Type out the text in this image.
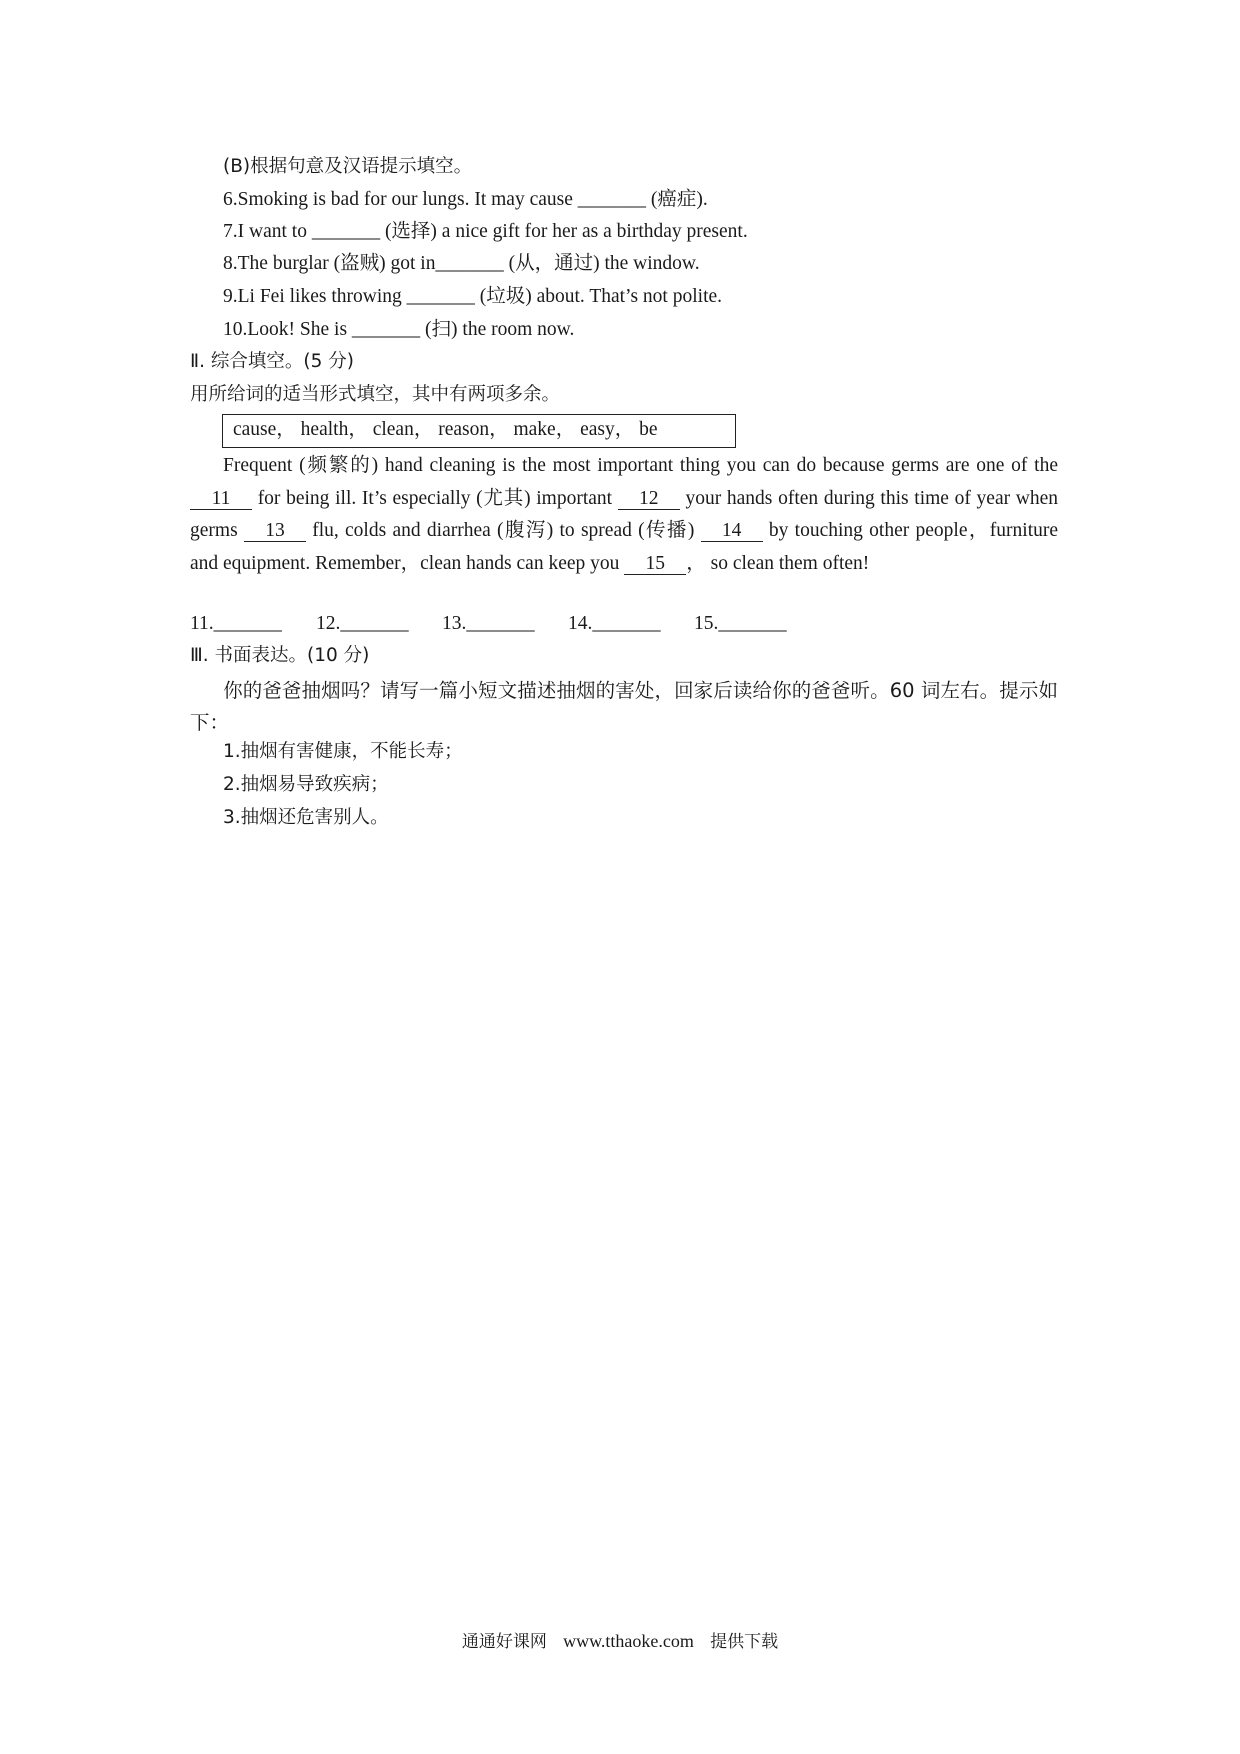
(B)根据句意及汉语提示填空。
6.Smoking is bad for our lungs. It may cause _______ (癌症).
7.I want to _______ (选择) a nice gift for her as a birthday present.
8.The burglar (盗贼) got in_______ (从，通过) the window.
9.Li Fei likes throwing _______ (垃圾) about. That’s not polite.
10.Look! She is _______ (扫) the room now.
Ⅱ. 综合填空。(5 分)
用所给词的适当形式填空，其中有两项多余。
cause， health， clean， reason， make， easy， be
Frequent (频繁的) hand cleaning is the most important thing you can do because germs are one of the 11 for being ill. It’s especially (尤其) important 12 your hands often during this time of year when germs 13 flu, colds and diarrhea (腹泻) to spread (传播) 14 by touching other people，furniture and equipment. Remember，clean hands can keep you 15 ， so clean them often!
11._______ 12._______ 13._______ 14._______ 15._______
Ⅲ. 书面表达。(10 分)
你的爸爸抽烟吗？请写一篇小短文描述抽烟的害处，回家后读给你的爸爸听。60 词左右。提示如下：
1.抽烟有害健康，不能长寿；
2.抽烟易导致疾病；
3.抽烟还危害别人。
通通好课网 www.tthaoke.com 提供下载
